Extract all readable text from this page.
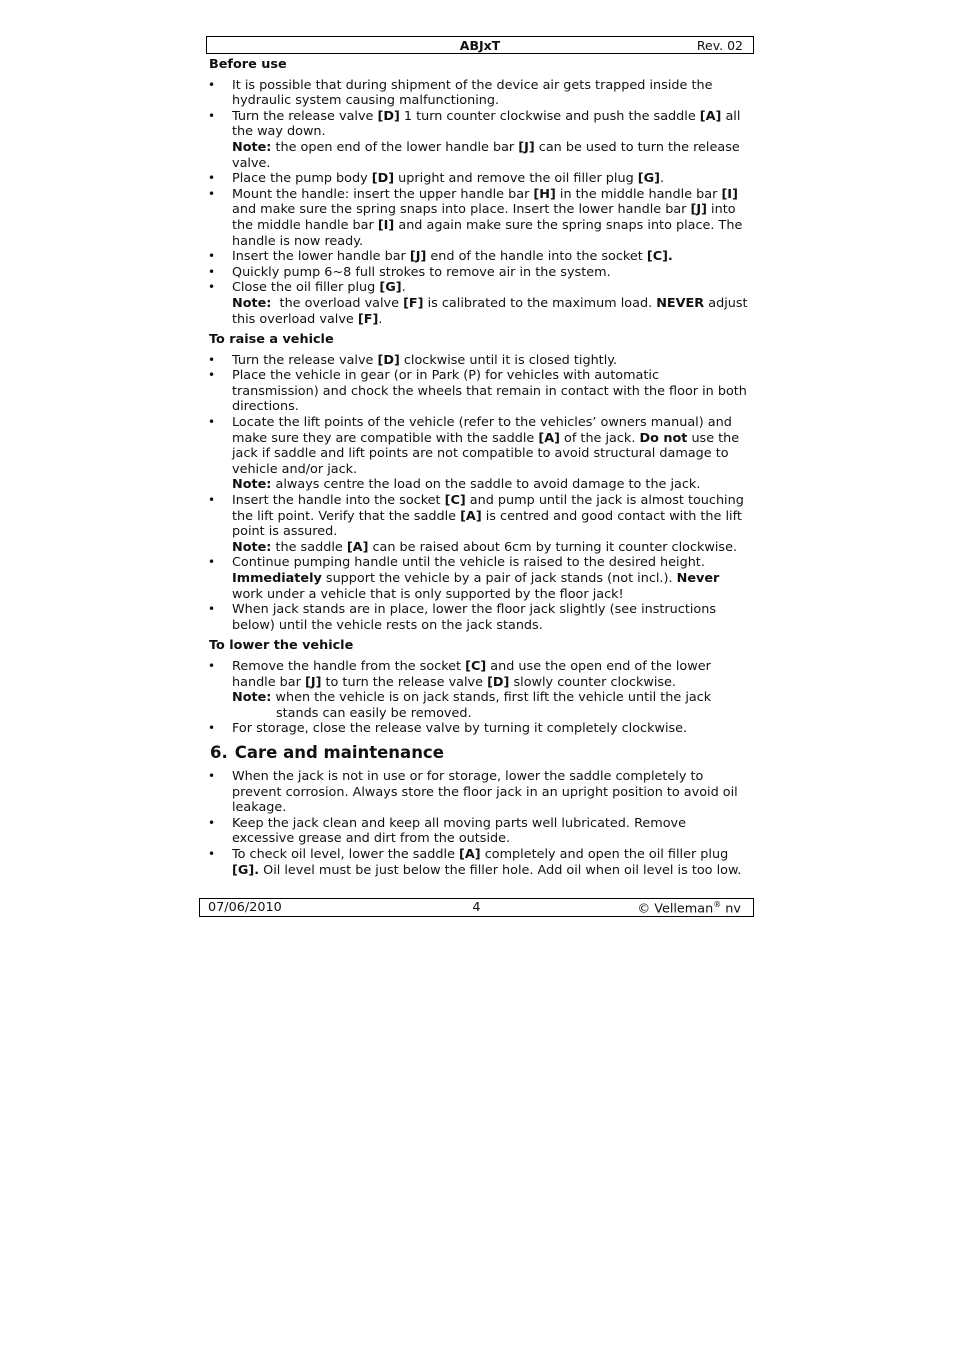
ABJxT	Rev. 02
Before use
• It is possible that during shipment of the device air gets trapped inside the hydraulic system causing malfunctioning.
• Turn the release valve [D] 1 turn counter clockwise and push the saddle [A] all the way down.
Note: the open end of the lower handle bar [J] can be used to turn the release valve.
• Place the pump body [D] upright and remove the oil filler plug [G].
• Mount the handle: insert the upper handle bar [H] in the middle handle bar [I] and make sure the spring snaps into place. Insert the lower handle bar [J] into the middle handle bar [I] and again make sure the spring snaps into place. The handle is now ready.
• Insert the lower handle bar [J] end of the handle into the socket [C].
• Quickly pump 6~8 full strokes to remove air in the system.
• Close the oil filler plug [G].
Note:  the overload valve [F] is calibrated to the maximum load. NEVER adjust this overload valve [F].
To raise a vehicle
• Turn the release valve [D] clockwise until it is closed tightly.
• Place the vehicle in gear (or in Park (P) for vehicles with automatic transmission) and chock the wheels that remain in contact with the floor in both directions.
• Locate the lift points of the vehicle (refer to the vehicles’ owners manual) and make sure they are compatible with the saddle [A] of the jack. Do not use the jack if saddle and lift points are not compatible to avoid structural damage to vehicle and/or jack.
Note: always centre the load on the saddle to avoid damage to the jack.
• Insert the handle into the socket [C] and pump until the jack is almost touching the lift point. Verify that the saddle [A] is centred and good contact with the lift point is assured.
Note: the saddle [A] can be raised about 6cm by turning it counter clockwise.
• Continue pumping handle until the vehicle is raised to the desired height. Immediately support the vehicle by a pair of jack stands (not incl.). Never work under a vehicle that is only supported by the floor jack!
• When jack stands are in place, lower the floor jack slightly (see instructions below) until the vehicle rests on the jack stands.
To lower the vehicle
• Remove the handle from the socket [C] and use the open end of the lower handle bar [J] to turn the release valve [D] slowly counter clockwise.

Note: when the vehicle is on jack stands, first lift the vehicle until the jack stands can easily be removed.
• For storage, close the release valve by turning it completely clockwise.
6. Care and maintenance
• When the jack is not in use or for storage, lower the saddle completely to prevent corrosion. Always store the floor jack in an upright position to avoid oil leakage.
• Keep the jack clean and keep all moving parts well lubricated. Remove excessive grease and dirt from the outside.
• To check oil level, lower the saddle [A] completely and open the oil filler plug [G]. Oil level must be just below the filler hole. Add oil when oil level is too low.
07/06/2010	4	© Velleman® nv
